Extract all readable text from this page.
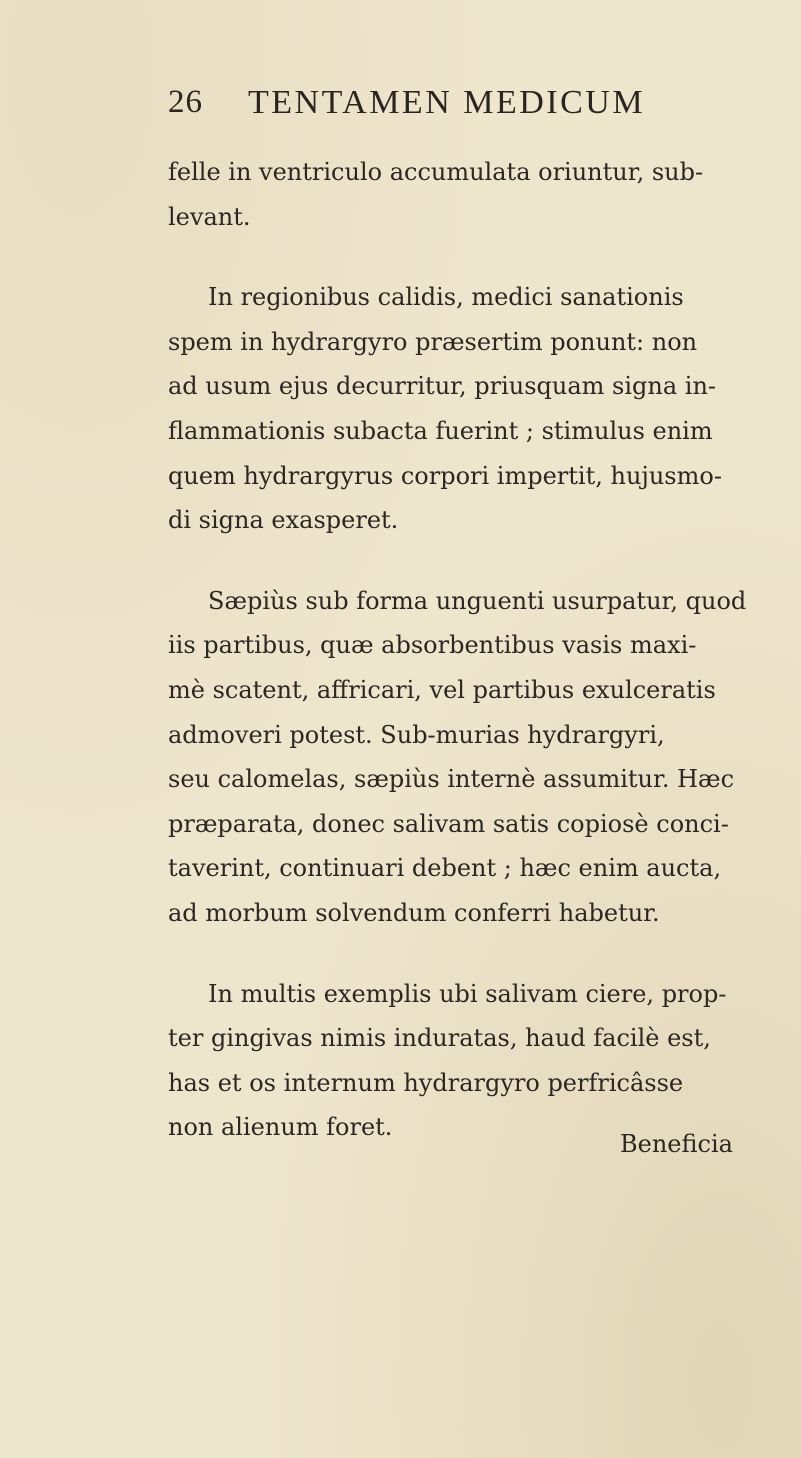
26 TENTAMEN MEDICUM
felle in ventriculo accumulata oriuntur, sub-
levant.
In regionibus calidis, medici sanationis
spem in hydrargyro præsertim ponunt: non
ad usum ejus decurritur, priusquam signa in-
flammationis subacta fuerint ; stimulus enim
quem hydrargyrus corpori impertit, hujusmo-
di signa exasperet.
Sæpiùs sub forma unguenti usurpatur, quod
iis partibus, quæ absorbentibus vasis maxi-
mè scatent, affricari, vel partibus exulceratis
admoveri potest. Sub-murias hydrargyri,
seu calomelas, sæpiùs internè assumitur. Hæc
præparata, donec salivam satis copiosè conci-
taverint, continuari debent ; hæc enim aucta,
ad morbum solvendum conferri habetur.
In multis exemplis ubi salivam ciere, prop-
ter gingivas nimis induratas, haud facilè est,
has et os internum hydrargyro perfricâsse
non alienum foret.
Beneficia
